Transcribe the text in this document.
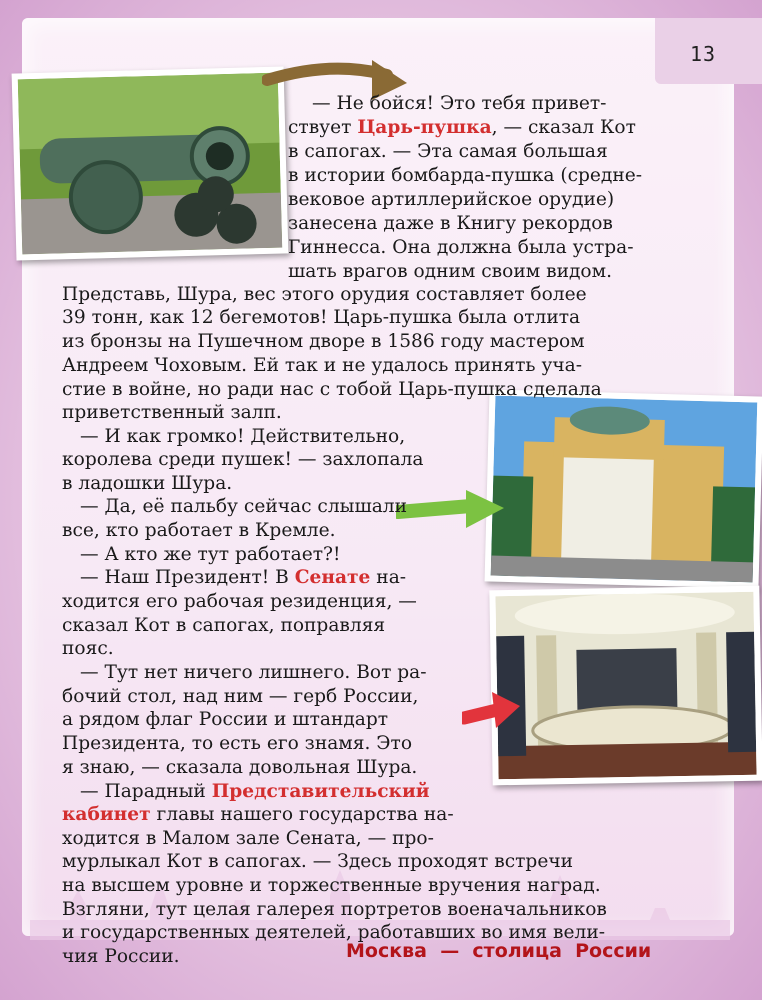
13
— Не бойся! Это тебя привет-
ствует Царь-пушка, — сказал Кот
в сапогах. — Эта самая большая
в истории бомбарда-пушка (средне-
вековое артиллерийское орудие)
занесена даже в Книгу рекордов
Гиннесса. Она должна была устра-
шать врагов одним своим видом.
Представь, Шура, вес этого орудия составляет более
39 тонн, как 12 бегемотов! Царь-пушка была отлита
из бронзы на Пушечном дворе в 1586 году мастером
Андреем Чоховым. Ей так и не удалось принять уча-
стие в войне, но ради нас с тобой Царь-пушка сделала
приветственный залп.
— И как громко! Действительно,
королева среди пушек! — захлопала
в ладошки Шура.
— Да, её пальбу сейчас слышали
все, кто работает в Кремле.
— А кто же тут работает?!
— Наш Президент! В Сенате на-
ходится его рабочая резиденция, —
сказал Кот в сапогах, поправляя
пояс.
— Тут нет ничего лишнего. Вот ра-
бочий стол, над ним — герб России,
а рядом флаг России и штандарт
Президента, то есть его знамя. Это
я знаю, — сказала довольная Шура.
— Парадный Представительский
кабинет главы нашего государства на-
ходится в Малом зале Сената, — про-
мурлыкал Кот в сапогах. — Здесь проходят встречи
на высшем уровне и торжественные вручения наград.
Взгляни, тут целая галерея портретов военачальников
и государственных деятелей, работавших во имя вели-
чия России.	Москва  —  столица  России
